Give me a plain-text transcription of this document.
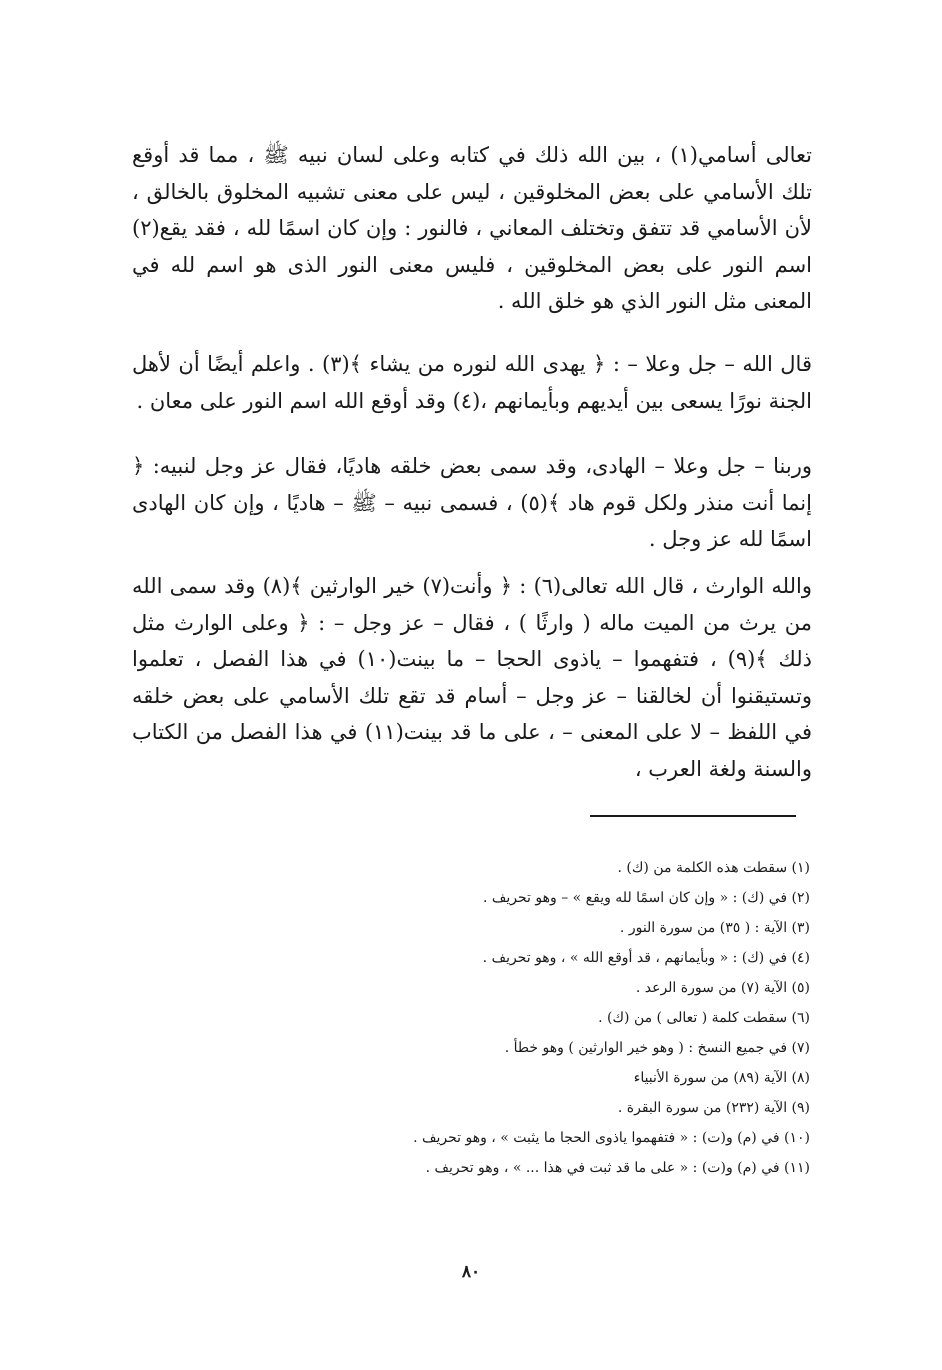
تعالى أسامي(١) ، بين الله ذلك في كتابه وعلى لسان نبيه ﷺ ، مما قد أوقع تلك الأسامي على بعض المخلوقين ، ليس على معنى تشبيه المخلوق بالخالق ، لأن الأسامي قد تتفق وتختلف المعاني ، فالنور : وإن كان اسمًا لله ، فقد يقع(٢) اسم النور على بعض المخلوقين ، فليس معنى النور الذى هو اسم لله في المعنى مثل النور الذي هو خلق الله .

قال الله – جل وعلا – : ﴿ يهدى الله لنوره من يشاء ﴾(٣) . واعلم أيضًا أن لأهل الجنة نورًا يسعى بين أيديهم وبأيمانهم ،(٤) وقد أوقع الله اسم النور على معان .

وربنا – جل وعلا – الهادى، وقد سمى بعض خلقه هاديًا، فقال عز وجل لنبيه: ﴿ إنما أنت منذر ولكل قوم هاد ﴾(٥) ، فسمى نبيه – ﷺ – هاديًا ، وإن كان الهادى اسمًا لله عز وجل .

والله الوارث ، قال الله تعالى(٦) : ﴿ وأنت(٧) خير الوارثين ﴾(٨) وقد سمى الله من يرث من الميت ماله ( وارثًا ) ، فقال – عز وجل – : ﴿ وعلى الوارث مثل ذلك ﴾(٩) ، فتفهموا – ياذوى الحجا – ما بينت(١٠) في هذا الفصل ، تعلموا وتستيقنوا أن لخالقنا – عز وجل – أسام قد تقع تلك الأسامي على بعض خلقه في اللفظ – لا على المعنى – ، على ما قد بينت(١١) في هذا الفصل من الكتاب والسنة ولغة العرب ،

(١) سقطت هذه الكلمة من (ك) .
(٢) في (ك) : « وإن كان اسمًا لله ويقع » – وهو تحريف .
(٣) الآية : ( ٣٥) من سورة النور .
(٤) في (ك) : « وبأيمانهم ، قد أوقع الله » ، وهو تحريف .
(٥) الآية (٧) من سورة الرعد .
(٦) سقطت كلمة ( تعالى ) من (ك) .
(٧) في جميع النسخ : ( وهو خير الوارثين ) وهو خطأ .
(٨) الآية (٨٩) من سورة الأنبياء
(٩) الآية (٢٣٢) من سورة البقرة .
(١٠) في (م) و(ت) : « فتفهموا ياذوى الحجا ما يثبت » ، وهو تحريف .
(١١) في (م) و(ت) : « على ما قد ثبت في هذا ... » ، وهو تحريف .
٨٠
